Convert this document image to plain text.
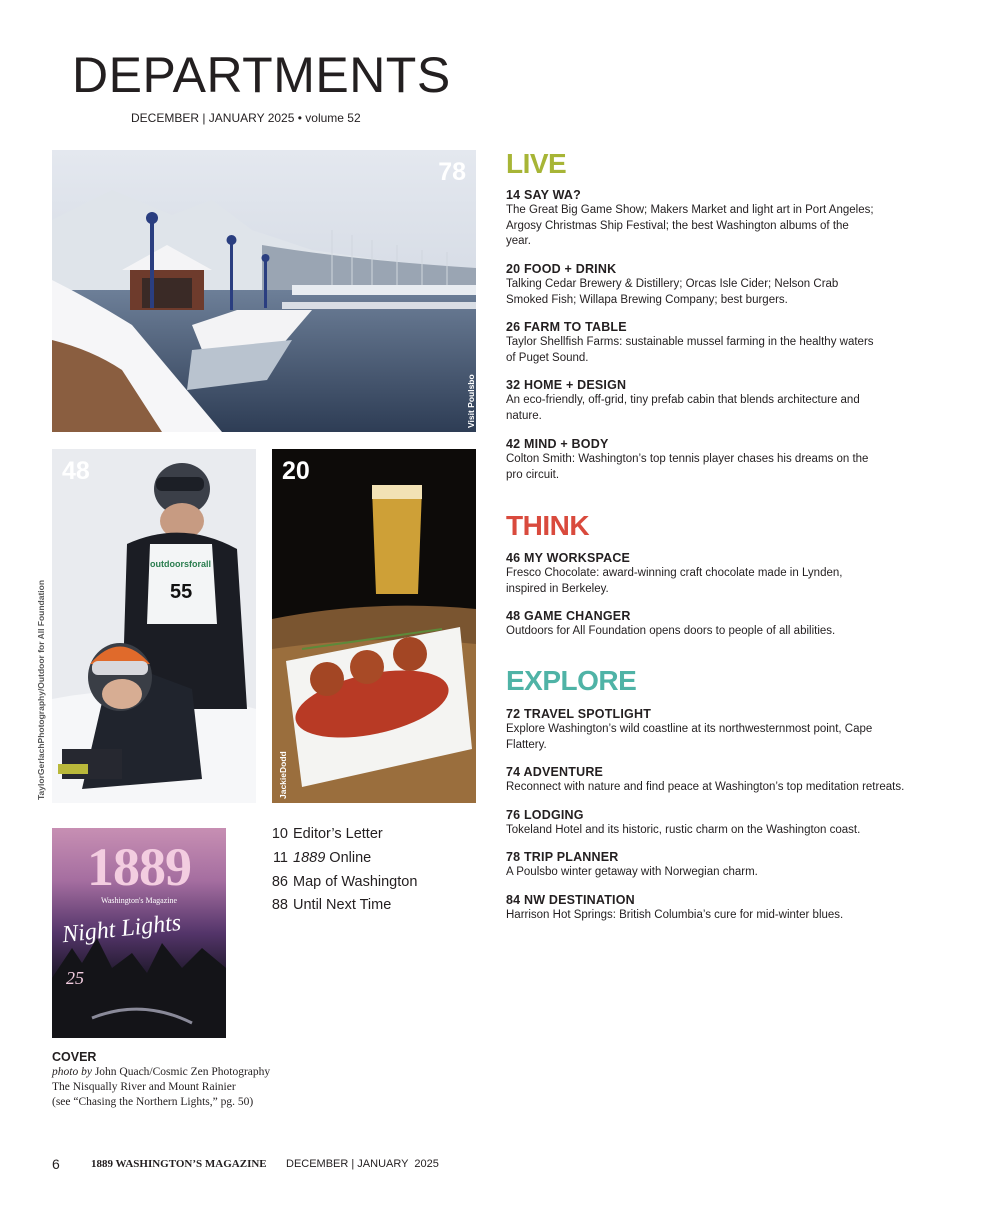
DEPARTMENTS
DECEMBER | JANUARY 2025 • volume 52
78
Visit Poulsbo
outdoorsforall
55
48
TaylorGerlachPhotography/Outdoor for All Foundation
20
JackieDodd
1889
Washington's Magazine
Night Lights
25
COVER
photo by John Quach/Cosmic Zen Photography
The Nisqually River and Mount Rainier
(see “Chasing the Northern Lights,” pg. 50)
10 Editor’s Letter
11 1889 Online
86 Map of Washington
88 Until Next Time
LIVE
14 SAY WA?
The Great Big Game Show; Makers Market and light art in Port Angeles; Argosy Christmas Ship Festival; the best Washington albums of the year.
20 FOOD + DRINK
Talking Cedar Brewery & Distillery; Orcas Isle Cider; Nelson Crab Smoked Fish; Willapa Brewing Company; best burgers.
26 FARM TO TABLE
Taylor Shellfish Farms: sustainable mussel farming in the healthy waters of Puget Sound.
32 HOME + DESIGN
An eco-friendly, off-grid, tiny prefab cabin that blends architecture and nature.
42 MIND + BODY
Colton Smith: Washington’s top tennis player chases his dreams on the pro circuit.
THINK
46 MY WORKSPACE
Fresco Chocolate: award-winning craft chocolate made in Lynden, inspired in Berkeley.
48 GAME CHANGER
Outdoors for All Foundation opens doors to people of all abilities.
EXPLORE
72 TRAVEL SPOTLIGHT
Explore Washington’s wild coastline at its northwesternmost point, Cape Flattery.
74 ADVENTURE
Reconnect with nature and find peace at Washington’s top meditation retreats.
76 LODGING
Tokeland Hotel and its historic, rustic charm on the Washington coast.
78 TRIP PLANNER
A Poulsbo winter getaway with Norwegian charm.
84 NW DESTINATION
Harrison Hot Springs: British Columbia’s cure for mid-winter blues.
6	1889 WASHINGTON’S MAGAZINE DECEMBER | JANUARY  2025
